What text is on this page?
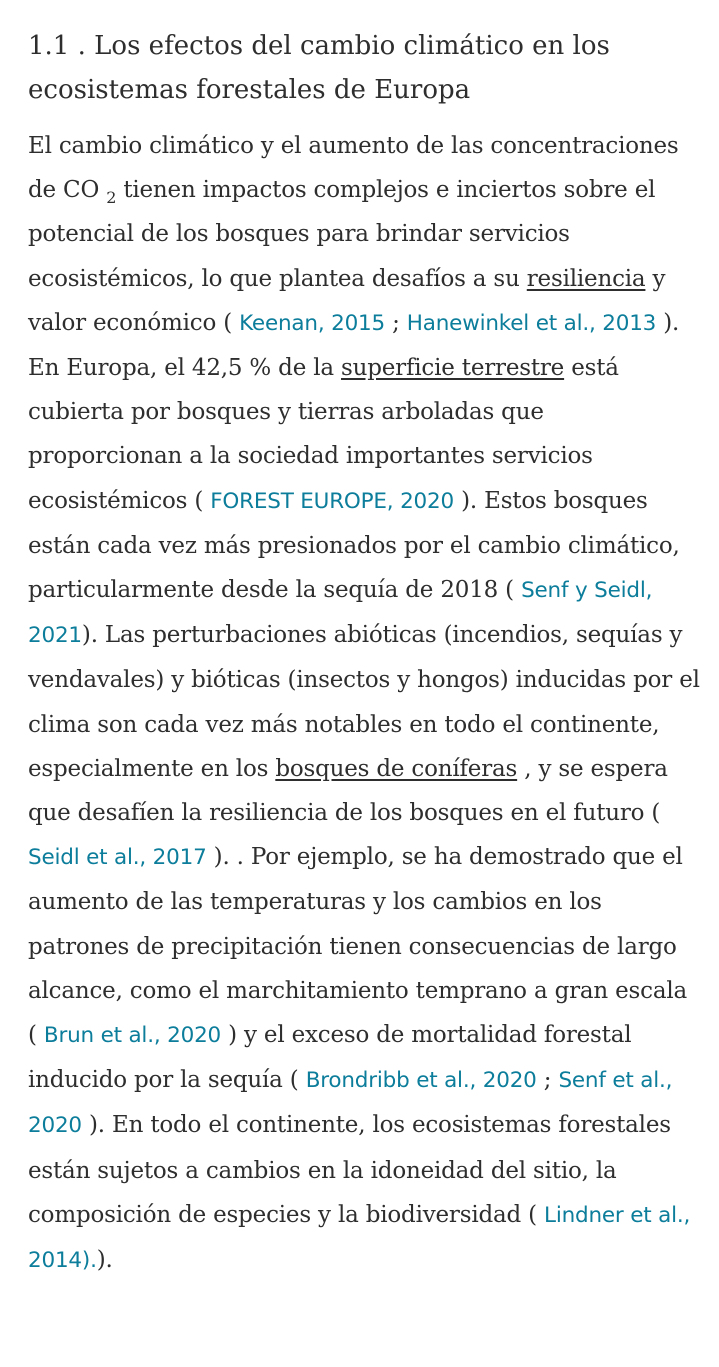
1.1 . Los efectos del cambio climático en los ecosistemas forestales de Europa

El cambio climático y el aumento de las concentraciones de CO $_2$ tienen impactos complejos e inciertos sobre el potencial de los bosques para brindar servicios ecosistémicos, lo que plantea desafíos a su resiliencia y valor económico ( Keenan, 2015 ; Hanewinkel et al., 2013 ). En Europa, el 42,5 % de la superficie terrestre está cubierta por bosques y tierras arboladas que proporcionan a la sociedad importantes servicios ecosistémicos ( FOREST EUROPE, 2020 ). Estos bosques están cada vez más presionados por el cambio climático, particularmente desde la sequía de 2018 ( Senf y Seidl, 2021). Las perturbaciones abióticas (incendios, sequías y vendavales) y bióticas (insectos y hongos) inducidas por el clima son cada vez más notables en todo el continente, especialmente en los bosques de coníferas , y se espera que desafíen la resiliencia de los bosques en el futuro ( Seidl et al., 2017 ). . Por ejemplo, se ha demostrado que el aumento de las temperaturas y los cambios en los patrones de precipitación tienen consecuencias de largo alcance, como el marchitamiento temprano a gran escala ( Brun et al., 2020 ) y el exceso de mortalidad forestal inducido por la sequía ( Brondribb et al., 2020 ; Senf et al., 2020 ). En todo el continente, los ecosistemas forestales están sujetos a cambios en la idoneidad del sitio, la composición de especies y la biodiversidad ( Lindner et al., 2014).).
